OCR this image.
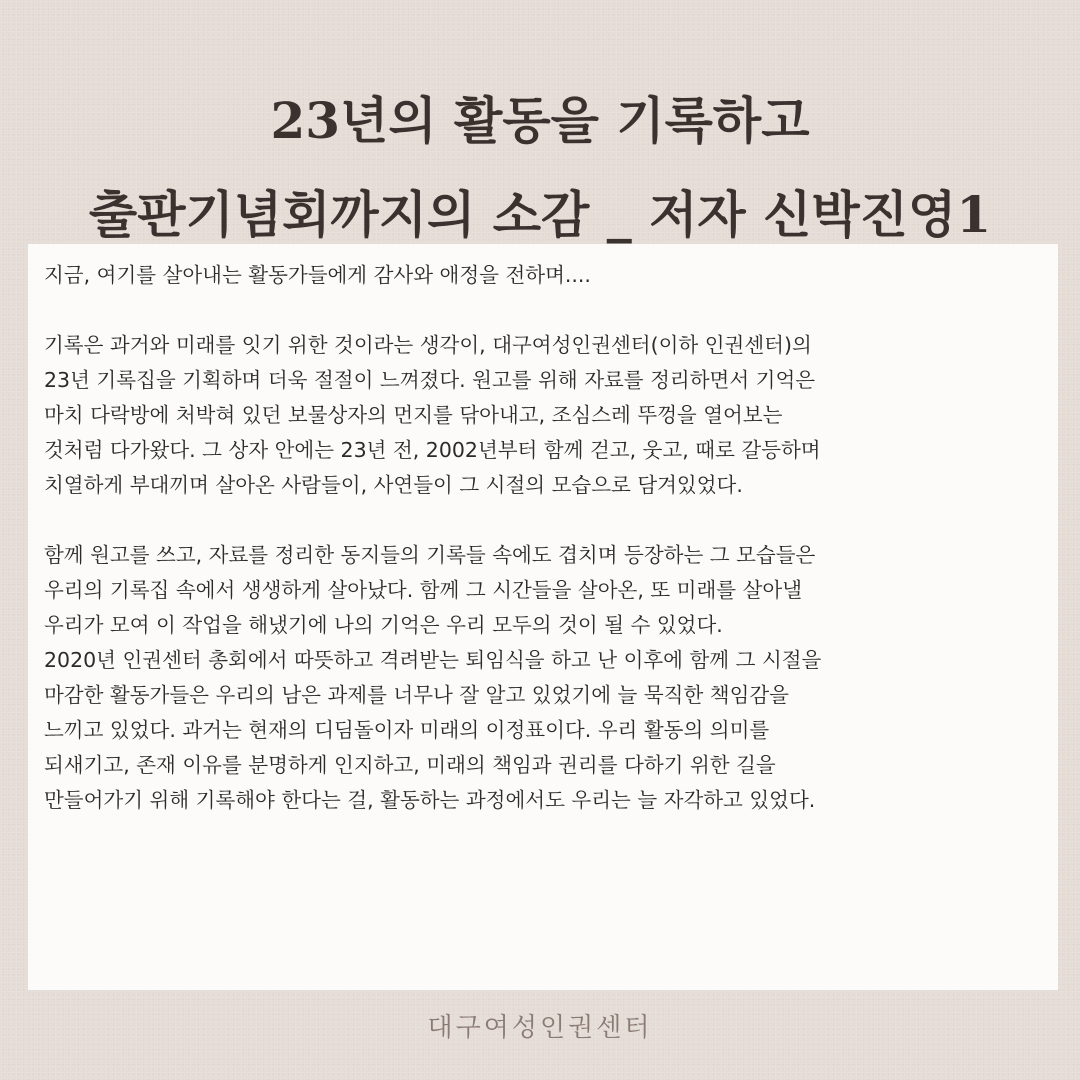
23년의 활동을 기록하고
출판기념회까지의 소감 _ 저자 신박진영1

지금, 여기를 살아내는 활동가들에게 감사와 애정을 전하며....

기록은 과거와 미래를 잇기 위한 것이라는 생각이, 대구여성인권센터(이하 인권센터)의
23년 기록집을 기획하며 더욱 절절이 느껴졌다. 원고를 위해 자료를 정리하면서 기억은
마치 다락방에 처박혀 있던 보물상자의 먼지를 닦아내고, 조심스레 뚜껑을 열어보는
것처럼 다가왔다. 그 상자 안에는 23년 전, 2002년부터 함께 걷고, 웃고, 때로 갈등하며
치열하게 부대끼며 살아온 사람들이, 사연들이 그 시절의 모습으로 담겨있었다.

함께 원고를 쓰고, 자료를 정리한 동지들의 기록들 속에도 겹치며 등장하는 그 모습들은
우리의 기록집 속에서 생생하게 살아났다. 함께 그 시간들을 살아온, 또 미래를 살아낼
우리가 모여 이 작업을 해냈기에 나의 기억은 우리 모두의 것이 될 수 있었다.
2020년 인권센터 총회에서 따뜻하고 격려받는 퇴임식을 하고 난 이후에 함께 그 시절을
마감한 활동가들은 우리의 남은 과제를 너무나 잘 알고 있었기에 늘 묵직한 책임감을
느끼고 있었다. 과거는 현재의 디딤돌이자 미래의 이정표이다. 우리 활동의 의미를
되새기고, 존재 이유를 분명하게 인지하고, 미래의 책임과 권리를 다하기 위한 길을
만들어가기 위해 기록해야 한다는 걸, 활동하는 과정에서도 우리는 늘 자각하고 있었다.

대구여성인권센터
